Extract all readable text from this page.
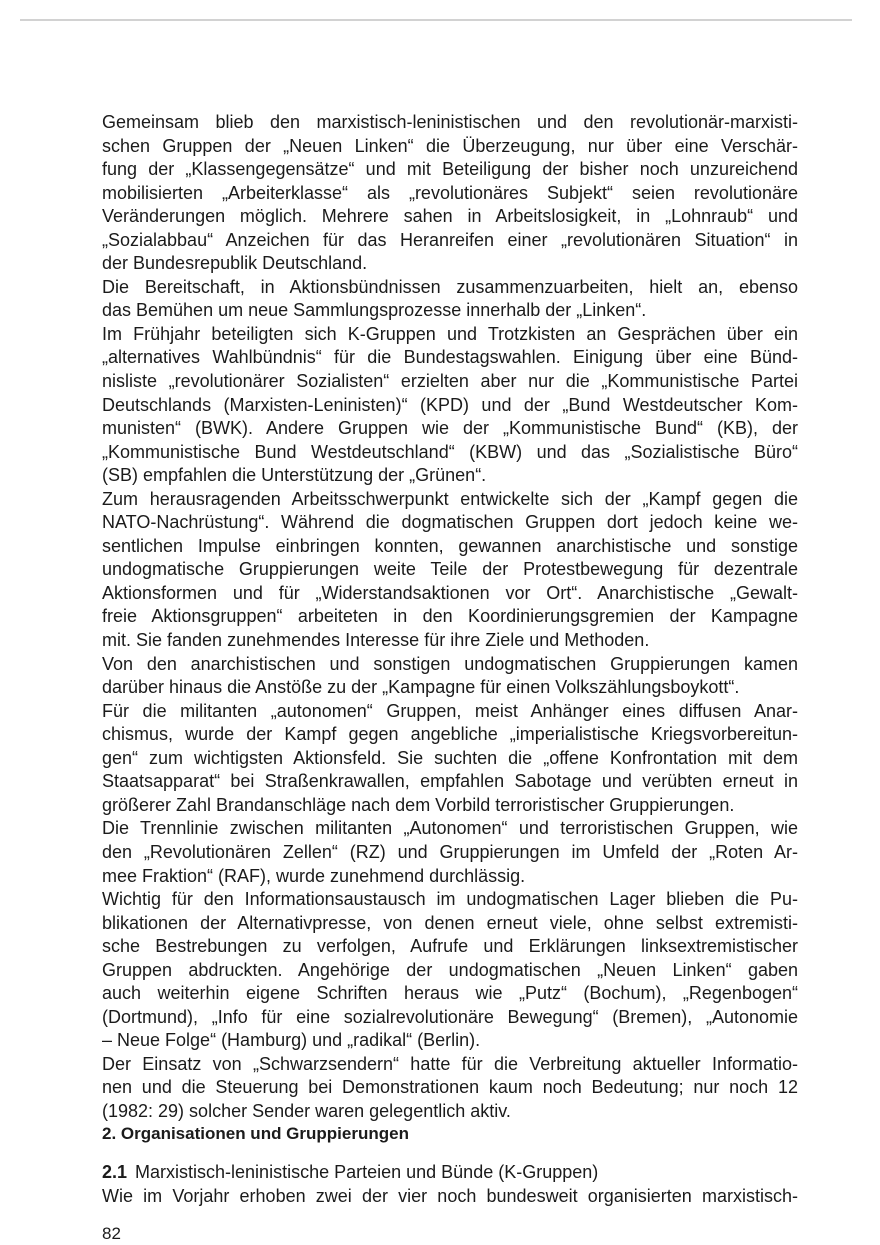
Gemeinsam blieb den marxistisch-leninistischen und den revolutionär-marxisti-
schen Gruppen der „Neuen Linken“ die Überzeugung, nur über eine Verschär-
fung der „Klassengegensätze“ und mit Beteiligung der bisher noch unzureichend
mobilisierten „Arbeiterklasse“ als „revolutionäres Subjekt“ seien revolutionäre
Veränderungen möglich. Mehrere sahen in Arbeitslosigkeit, in „Lohnraub“ und
„Sozialabbau“ Anzeichen für das Heranreifen einer „revolutionären Situation“ in
der Bundesrepublik Deutschland.
Die Bereitschaft, in Aktionsbündnissen zusammenzuarbeiten, hielt an, ebenso
das Bemühen um neue Sammlungsprozesse innerhalb der „Linken“.
Im Frühjahr beteiligten sich K-Gruppen und Trotzkisten an Gesprächen über ein
„alternatives Wahlbündnis“ für die Bundestagswahlen. Einigung über eine Bünd-
nisliste „revolutionärer Sozialisten“ erzielten aber nur die „Kommunistische Partei
Deutschlands (Marxisten-Leninisten)“ (KPD) und der „Bund Westdeutscher Kom-
munisten“ (BWK). Andere Gruppen wie der „Kommunistische Bund“ (KB), der
„Kommunistische Bund Westdeutschland“ (KBW) und das „Sozialistische Büro“
(SB) empfahlen die Unterstützung der „Grünen“.
Zum herausragenden Arbeitsschwerpunkt entwickelte sich der „Kampf gegen die
NATO-Nachrüstung“. Während die dogmatischen Gruppen dort jedoch keine we-
sentlichen Impulse einbringen konnten, gewannen anarchistische und sonstige
undogmatische Gruppierungen weite Teile der Protestbewegung für dezentrale
Aktionsformen und für „Widerstandsaktionen vor Ort“. Anarchistische „Gewalt-
freie Aktionsgruppen“ arbeiteten in den Koordinierungsgremien der Kampagne
mit. Sie fanden zunehmendes Interesse für ihre Ziele und Methoden.
Von den anarchistischen und sonstigen undogmatischen Gruppierungen kamen
darüber hinaus die Anstöße zu der „Kampagne für einen Volkszählungsboykott“.
Für die militanten „autonomen“ Gruppen, meist Anhänger eines diffusen Anar-
chismus, wurde der Kampf gegen angebliche „imperialistische Kriegsvorbereitun-
gen“ zum wichtigsten Aktionsfeld. Sie suchten die „offene Konfrontation mit dem
Staatsapparat“ bei Straßenkrawallen, empfahlen Sabotage und verübten erneut in
größerer Zahl Brandanschläge nach dem Vorbild terroristischer Gruppierungen.
Die Trennlinie zwischen militanten „Autonomen“ und terroristischen Gruppen, wie
den „Revolutionären Zellen“ (RZ) und Gruppierungen im Umfeld der „Roten Ar-
mee Fraktion“ (RAF), wurde zunehmend durchlässig.
Wichtig für den Informationsaustausch im undogmatischen Lager blieben die Pu-
blikationen der Alternativpresse, von denen erneut viele, ohne selbst extremisti-
sche Bestrebungen zu verfolgen, Aufrufe und Erklärungen linksextremistischer
Gruppen abdruckten. Angehörige der undogmatischen „Neuen Linken“ gaben
auch weiterhin eigene Schriften heraus wie „Putz“ (Bochum), „Regenbogen“
(Dortmund), „Info für eine sozialrevolutionäre Bewegung“ (Bremen), „Autonomie
– Neue Folge“ (Hamburg) und „radikal“ (Berlin).
Der Einsatz von „Schwarzsendern“ hatte für die Verbreitung aktueller Informatio-
nen und die Steuerung bei Demonstrationen kaum noch Bedeutung; nur noch 12
(1982: 29) solcher Sender waren gelegentlich aktiv.
2. Organisationen und Gruppierungen
2.1 Marxistisch-leninistische Parteien und Bünde (K-Gruppen)
Wie im Vorjahr erhoben zwei der vier noch bundesweit organisierten marxistisch-
82
